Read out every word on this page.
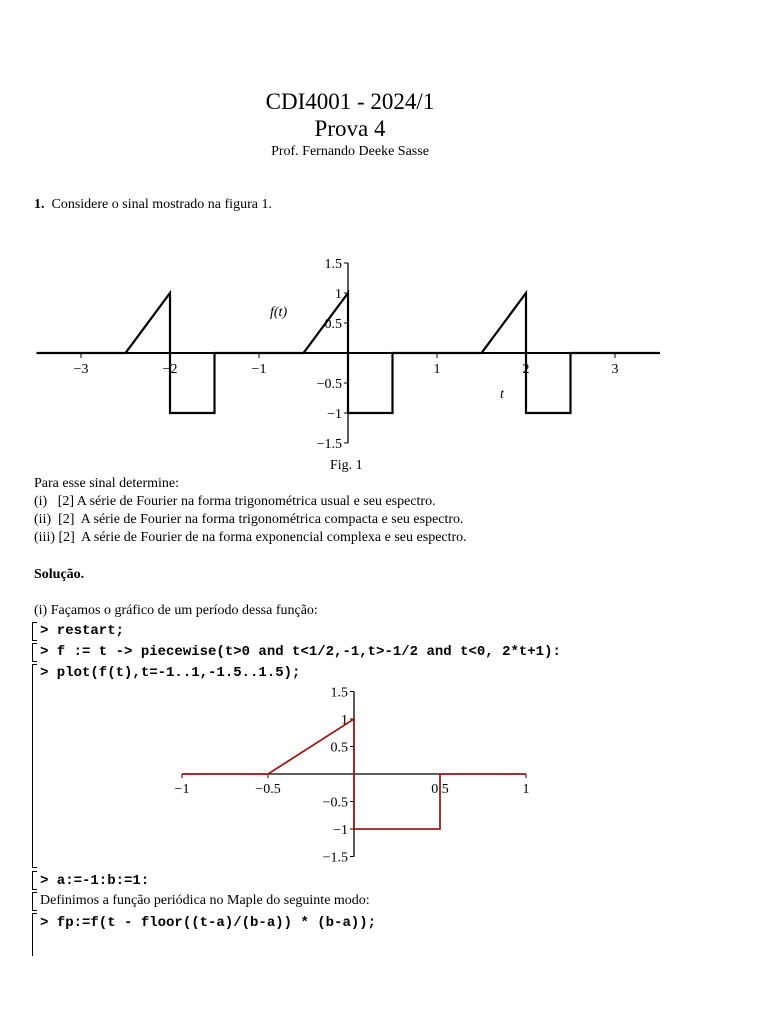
CDI4001 - 2024/1
Prova 4
Prof. Fernando Deeke Sasse
1. Considere o sinal mostrado na figura 1.
−3	−2	−1	1	2	3
1.5
1
0.5
−0.5
−1
−1.5
f(t)
t
Fig. 1
Para esse sinal determine:
(i)   [2] A série de Fourier na forma trigonométrica usual e seu espectro.
(ii)  [2]  A série de Fourier na forma trigonométrica compacta e seu espectro.
(iii) [2]  A série de Fourier de na forma exponencial complexa e seu espectro.
Solução.
(i) Façamos o gráfico de um período dessa função:
> restart;
> f := t -> piecewise(t>0 and t<1/2,-1,t>-1/2 and t<0, 2*t+1):
> plot(f(t),t=-1..1,-1.5..1.5);
−1	−0.5	0.5	1
1.5
1
0.5
−0.5
−1
−1.5
> a:=-1:b:=1:
Definimos a função periódica no Maple do seguinte modo:
> fp:=f(t - floor((t-a)/(b-a)) * (b-a));
